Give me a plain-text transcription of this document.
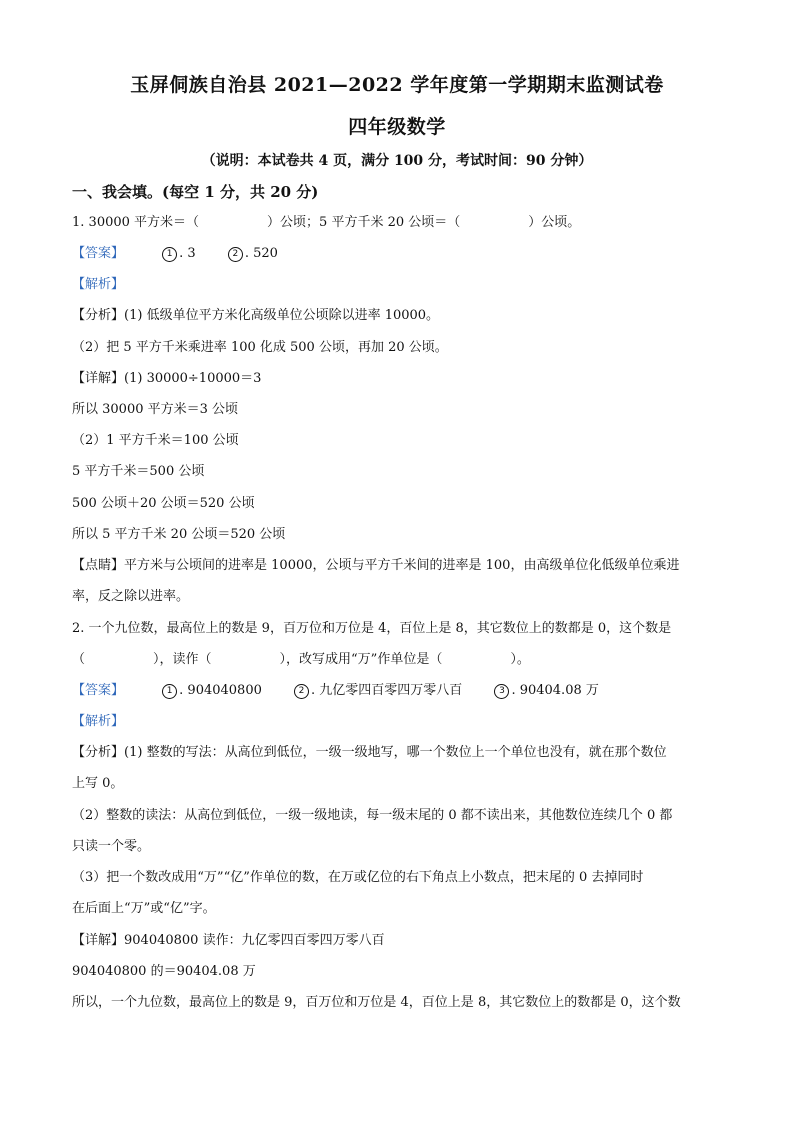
玉屏侗族自治县 2021—2022 学年度第一学期期末监测试卷
四年级数学
（说明：本试卷共 4 页，满分 100 分，考试时间：90 分钟）
一、我会填。(每空 1 分，共 20 分)
1. 30000 平方米＝（	）公顷；5 平方千米 20 公顷＝（	）公顷。
【答案】	1 . 3	2 . 520
【解析】
【分析】(1) 低级单位平方米化高级单位公顷除以进率 10000。
（2）把 5 平方千米乘进率 100 化成 500 公顷，再加 20 公顷。
【详解】(1) 30000÷10000＝3
所以 30000 平方米＝3 公顷
（2）1 平方千米＝100 公顷
5 平方千米＝500 公顷
500 公顷＋20 公顷＝520 公顷
所以 5 平方千米 20 公顷＝520 公顷
【点睛】平方米与公顷间的进率是 10000，公顷与平方千米间的进率是 100，由高级单位化低级单位乘进
率，反之除以进率。
2. 一个九位数，最高位上的数是 9，百万位和万位是 4，百位上是 8，其它数位上的数都是 0，这个数是
（	），读作（	），改写成用“万”作单位是（	）。
【答案】	1 . 904040800	2 . 九亿零四百零四万零八百	3 . 90404.08 万
【解析】
【分析】(1) 整数的写法：从高位到低位，一级一级地写，哪一个数位上一个单位也没有，就在那个数位
上写 0。
（2）整数的读法：从高位到低位，一级一级地读，每一级末尾的 0 都不读出来，其他数位连续几个 0 都
只读一个零。
（3）把一个数改成用“万”“亿”作单位的数，在万或亿位的右下角点上小数点，把末尾的 0 去掉同时
在后面上“万”或“亿”字。
【详解】904040800 读作：九亿零四百零四万零八百
904040800 的＝90404.08 万
所以，一个九位数，最高位上的数是 9，百万位和万位是 4，百位上是 8，其它数位上的数都是 0，这个数
